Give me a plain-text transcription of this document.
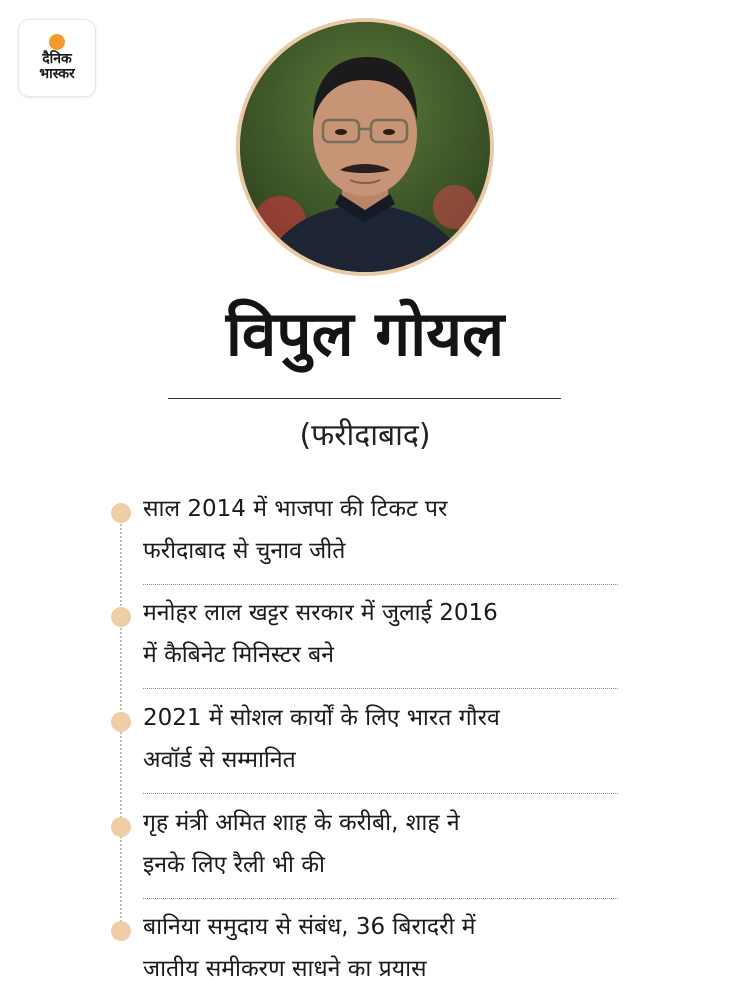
दैनिक
भास्कर
विपुल गोयल
(फरीदाबाद)
साल 2014 में भाजपा की टिकट पर
फरीदाबाद से चुनाव जीते
मनोहर लाल खट्टर सरकार में जुलाई 2016
में कैबिनेट मिनिस्टर बने
2021 में सोशल कार्यों के लिए भारत गौरव
अवॉर्ड से सम्मानित
गृह मंत्री अमित शाह के करीबी, शाह ने
इनके लिए रैली भी की
बानिया समुदाय से संबंध, 36 बिरादरी में
जातीय समीकरण साधने का प्रयास
